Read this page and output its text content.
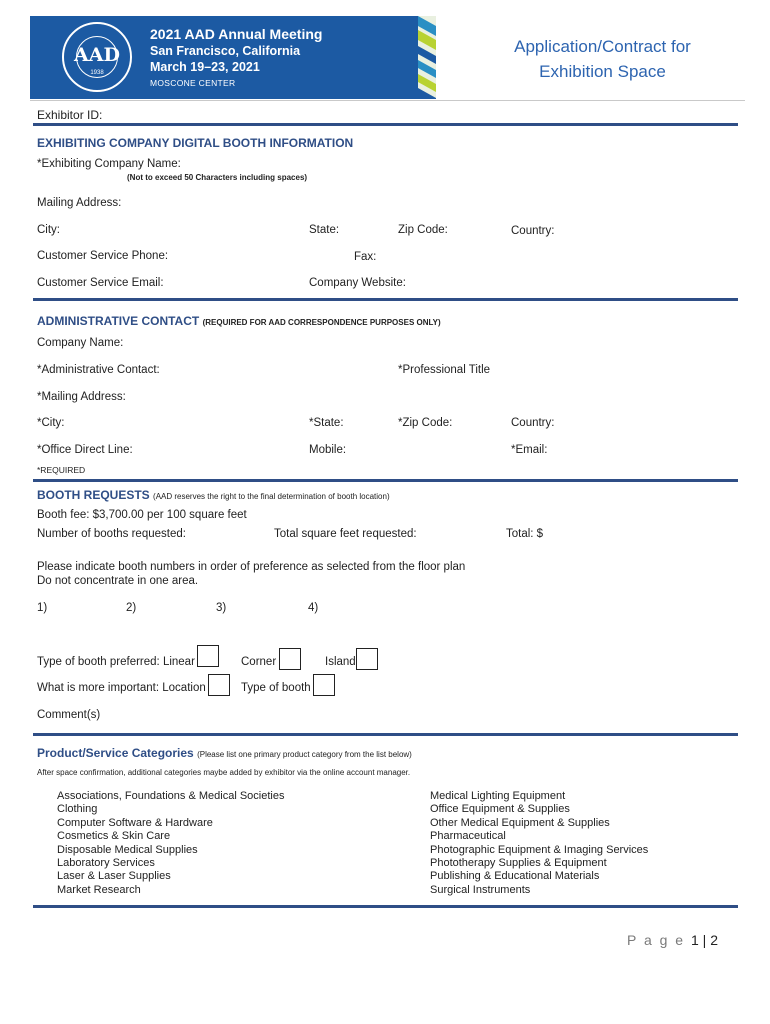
AAD
1938
2021 AAD Annual Meeting
San Francisco, California
March 19–23, 2021
MOSCONE CENTER
Application/Contract for
Exhibition Space
Exhibitor ID:
EXHIBITING COMPANY DIGITAL BOOTH INFORMATION
*Exhibiting Company Name:
(Not to exceed 50 Characters including spaces)
Mailing Address:
City:	State:	Zip Code:	Country:
Customer Service Phone:	Fax:
Customer Service Email:	Company Website:
ADMINISTRATIVE CONTACT (REQUIRED FOR AAD CORRESPONDENCE PURPOSES ONLY)
Company Name:
*Administrative Contact:	*Professional Title
*Mailing Address:
*City:	*State:	*Zip Code:	Country:
*Office Direct Line:	Mobile:	*Email:
*REQUIRED
BOOTH REQUESTS (AAD reserves the right to the final determination of booth location)
Booth fee: $3,700.00 per 100 square feet
Number of booths requested:	Total square feet requested:	Total: $
Please indicate booth numbers in order of preference as selected from the floor plan
Do not concentrate in one area.
1)	2)	3)	4)
Type of booth preferred: Linear	Corner	Island
What is more important: Location	Type of booth
Comment(s)
Product/Service Categories (Please list one primary product category from the list below)
After space confirmation, additional categories maybe added by exhibitor via the online account manager.
Associations, Foundations & Medical Societies
Clothing
Computer Software & Hardware
Cosmetics & Skin Care
Disposable Medical Supplies
Laboratory Services
Laser & Laser Supplies
Market Research
Medical Lighting Equipment
Office Equipment & Supplies
Other Medical Equipment & Supplies
Pharmaceutical
Photographic Equipment & Imaging Services
Phototherapy Supplies & Equipment
Publishing & Educational Materials
Surgical Instruments
P a g e 1 | 2
